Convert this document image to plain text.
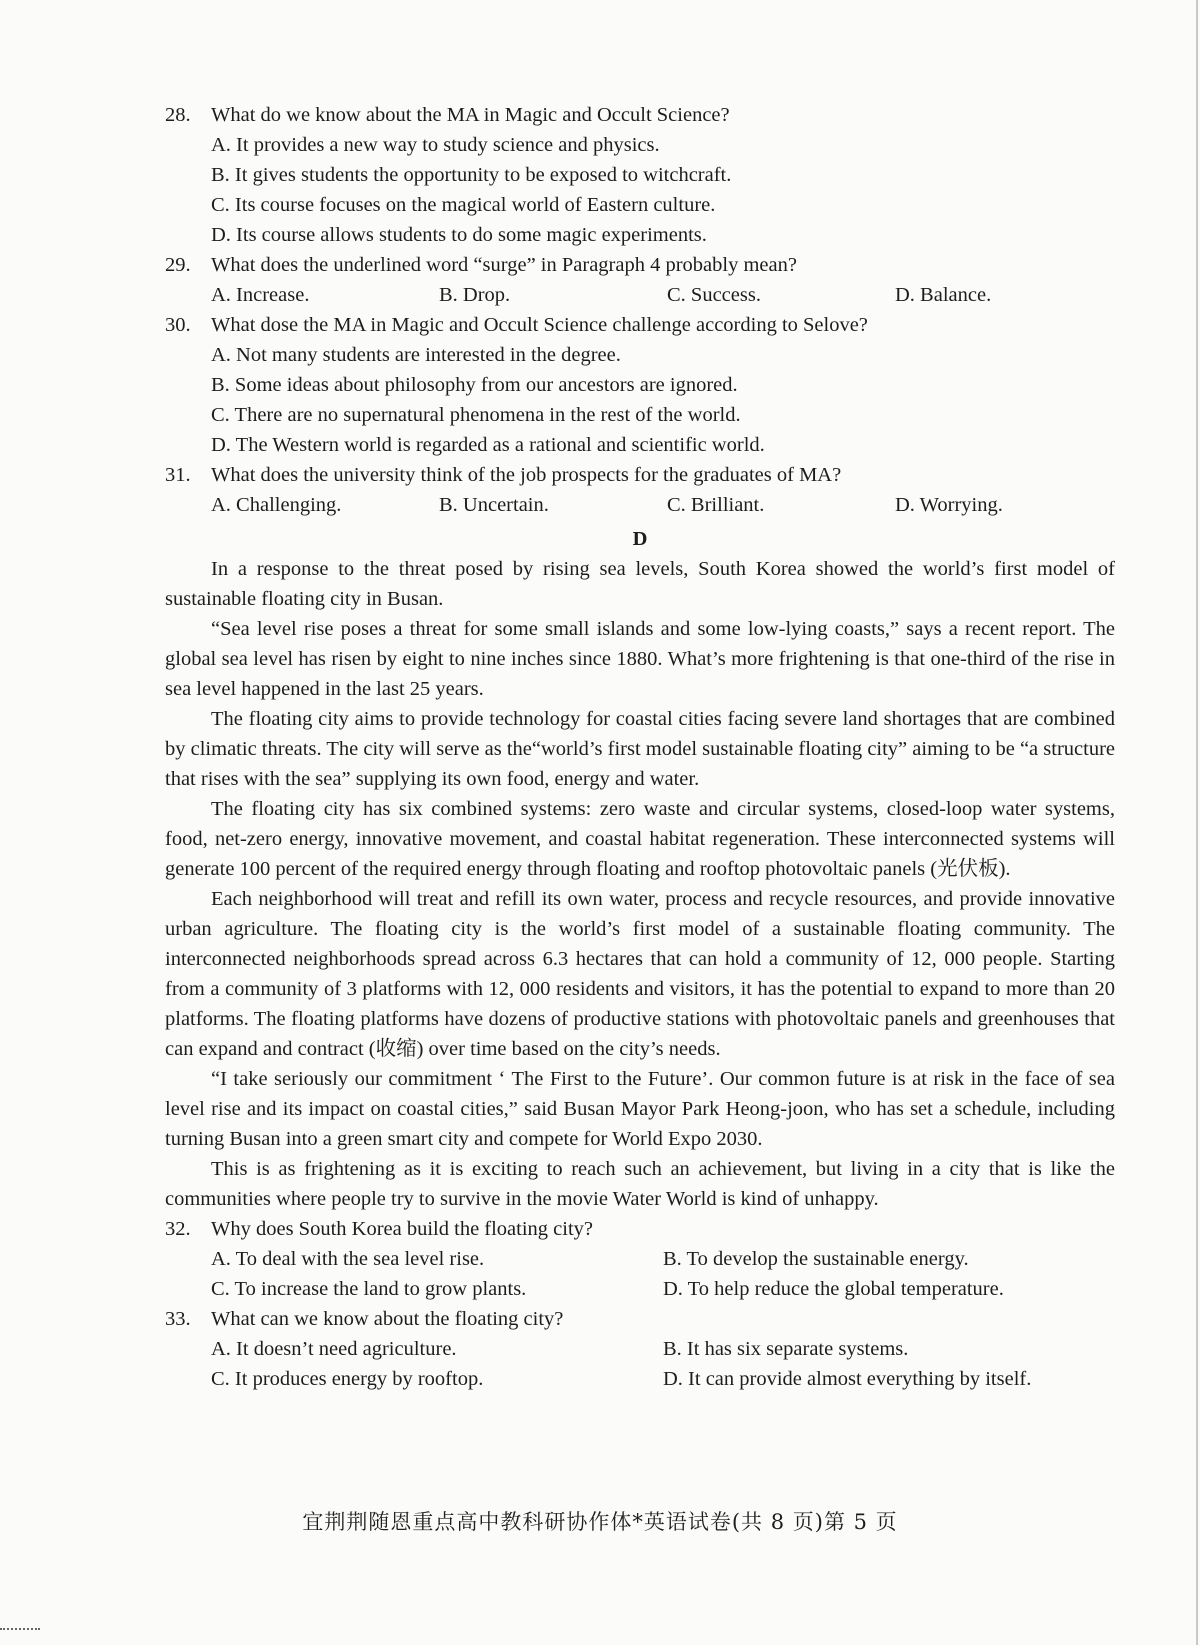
28. What do we know about the MA in Magic and Occult Science?
A. It provides a new way to study science and physics.
B. It gives students the opportunity to be exposed to witchcraft.
C. Its course focuses on the magical world of Eastern culture.
D. Its course allows students to do some magic experiments.
29. What does the underlined word “surge” in Paragraph 4 probably mean?
A. Increase.	B. Drop.	C. Success.	D. Balance.
30. What dose the MA in Magic and Occult Science challenge according to Selove?
A. Not many students are interested in the degree.
B. Some ideas about philosophy from our ancestors are ignored.
C. There are no supernatural phenomena in the rest of the world.
D. The Western world is regarded as a rational and scientific world.
31. What does the university think of the job prospects for the graduates of MA?
A. Challenging.	B. Uncertain.	C. Brilliant.	D. Worrying.
D

In a response to the threat posed by rising sea levels, South Korea showed the world’s first model of sustainable floating city in Busan.

“Sea level rise poses a threat for some small islands and some low-lying coasts,” says a recent report. The global sea level has risen by eight to nine inches since 1880. What’s more frightening is that one-third of the rise in sea level happened in the last 25 years.

The floating city aims to provide technology for coastal cities facing severe land shortages that are combined by climatic threats. The city will serve as the“world’s first model sustainable floating city” aiming to be “a structure that rises with the sea” supplying its own food, energy and water.

The floating city has six combined systems: zero waste and circular systems, closed-loop water systems, food, net-zero energy, innovative movement, and coastal habitat regeneration. These interconnected systems will generate 100 percent of the required energy through floating and rooftop photovoltaic panels (光伏板).

Each neighborhood will treat and refill its own water, process and recycle resources, and provide innovative urban agriculture. The floating city is the world’s first model of a sustainable floating community. The interconnected neighborhoods spread across 6.3 hectares that can hold a community of 12, 000 people. Starting from a community of 3 platforms with 12, 000 residents and visitors, it has the potential to expand to more than 20 platforms. The floating platforms have dozens of productive stations with photovoltaic panels and greenhouses that can expand and contract (收缩) over time based on the city’s needs.

“I take seriously our commitment ‘ The First to the Future’. Our common future is at risk in the face of sea level rise and its impact on coastal cities,” said Busan Mayor Park Heong-joon, who has set a schedule, including turning Busan into a green smart city and compete for World Expo 2030.

This is as frightening as it is exciting to reach such an achievement, but living in a city that is like the communities where people try to survive in the movie Water World is kind of unhappy.

32. Why does South Korea build the floating city?
A. To deal with the sea level rise.	B. To develop the sustainable energy.
C. To increase the land to grow plants.	D. To help reduce the global temperature.
33. What can we know about the floating city?
A. It doesn’t need agriculture.	B. It has six separate systems.
C. It produces energy by rooftop.	D. It can provide almost everything by itself.
宜荆荆随恩重点高中教科研协作体*英语试卷(共 8 页)第 5 页
